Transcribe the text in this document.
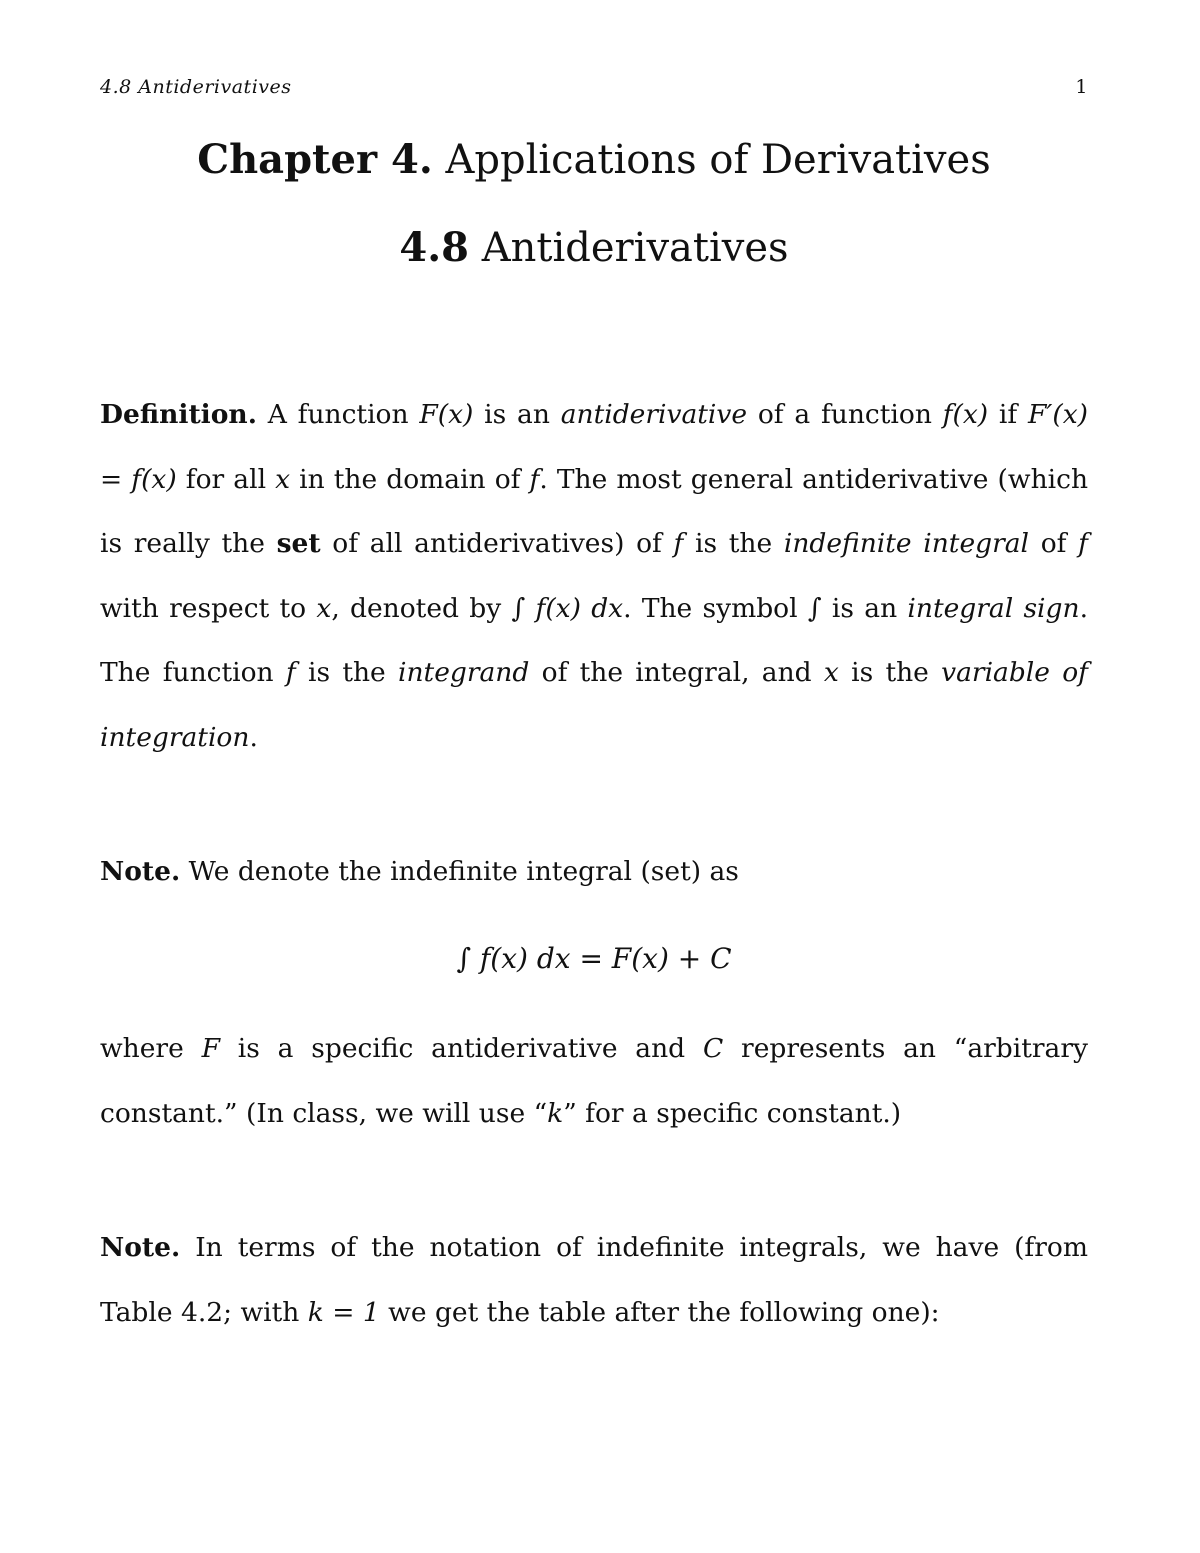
4.8 Antiderivatives	1
Chapter 4. Applications of Derivatives
4.8 Antiderivatives
Definition. A function F(x) is an antiderivative of a function f(x) if F′(x) = f(x) for all x in the domain of f. The most general antiderivative (which is really the set of all antiderivatives) of f is the indefinite integral of f with respect to x, denoted by ∫ f(x) dx. The symbol ∫ is an integral sign. The function f is the integrand of the integral, and x is the variable of integration.
Note. We denote the indefinite integral (set) as
∫ f(x) dx = F(x) + C
where F is a specific antiderivative and C represents an “arbitrary constant.” (In class, we will use “k” for a specific constant.)
Note. In terms of the notation of indefinite integrals, we have (from Table 4.2; with k = 1 we get the table after the following one):
